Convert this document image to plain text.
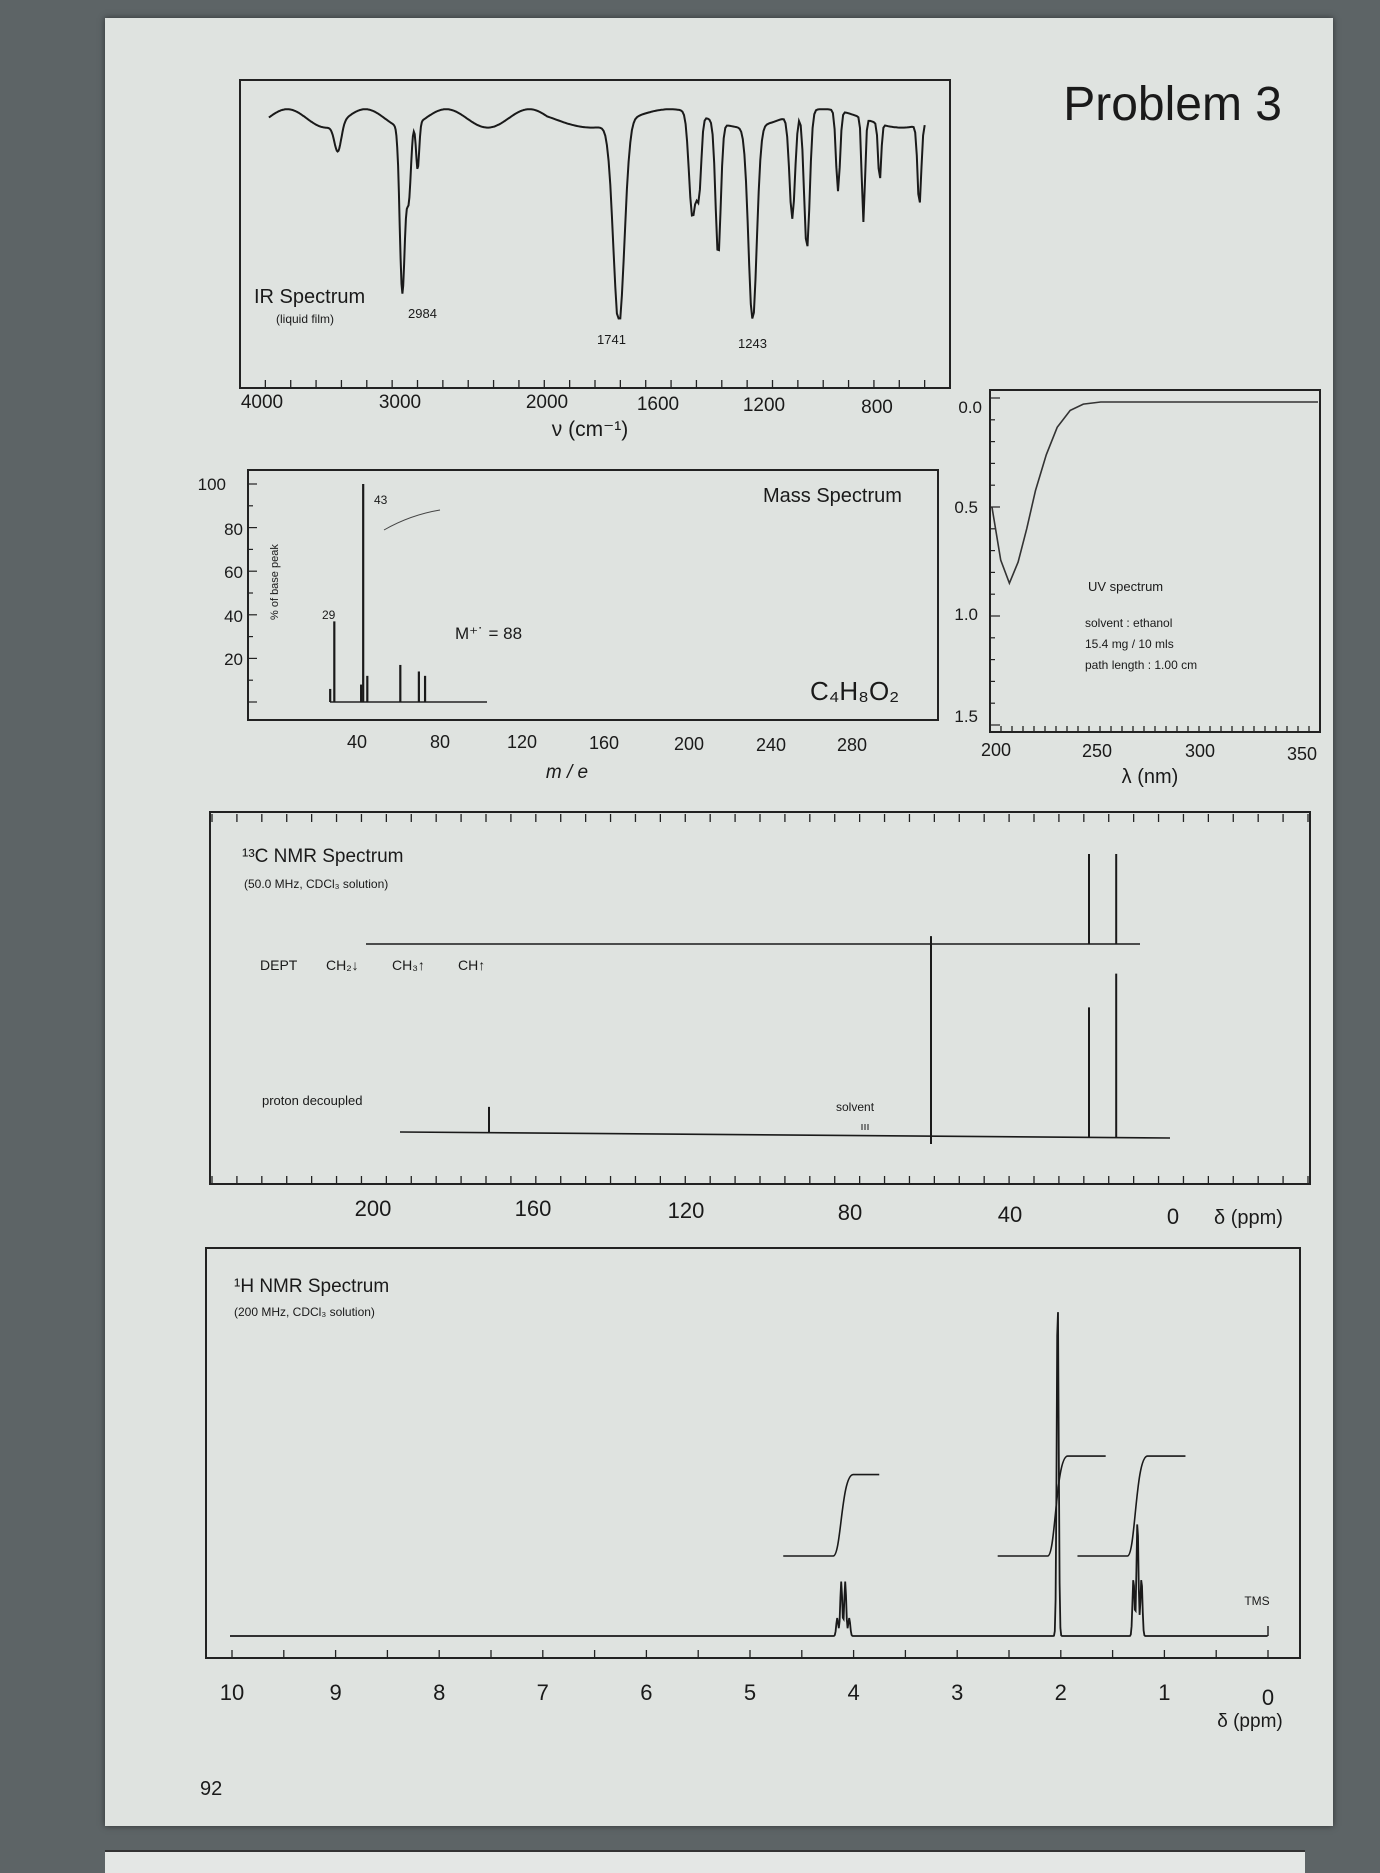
Problem 3
IR Spectrum
(liquid film)	2984
1741	1243
4000	3000	2000	1600	1200	800
ν (cm⁻¹)
Mass Spectrum
43
29
M⁺˙ = 88
C₄H₈O₂
% of base peak
100
80
60
40
20
40	80	120	160	200	240	280
m / e
UV spectrum
solvent : ethanol
15.4 mg / 10 mls
path length : 1.00 cm
0.0
0.5
1.0
1.5
200	250	300	350
λ (nm)
¹³C NMR Spectrum
(50.0 MHz, CDCl₃ solution)
DEPT CH₂↓ CH₃↑ CH↑
proton decoupled	solvent
200	160	120	80	40	0 δ (ppm)
¹H NMR Spectrum
(200 MHz, CDCl₃ solution)
TMS
10	9	8	7	6	5	4	3	2	1	0
δ (ppm)
92
